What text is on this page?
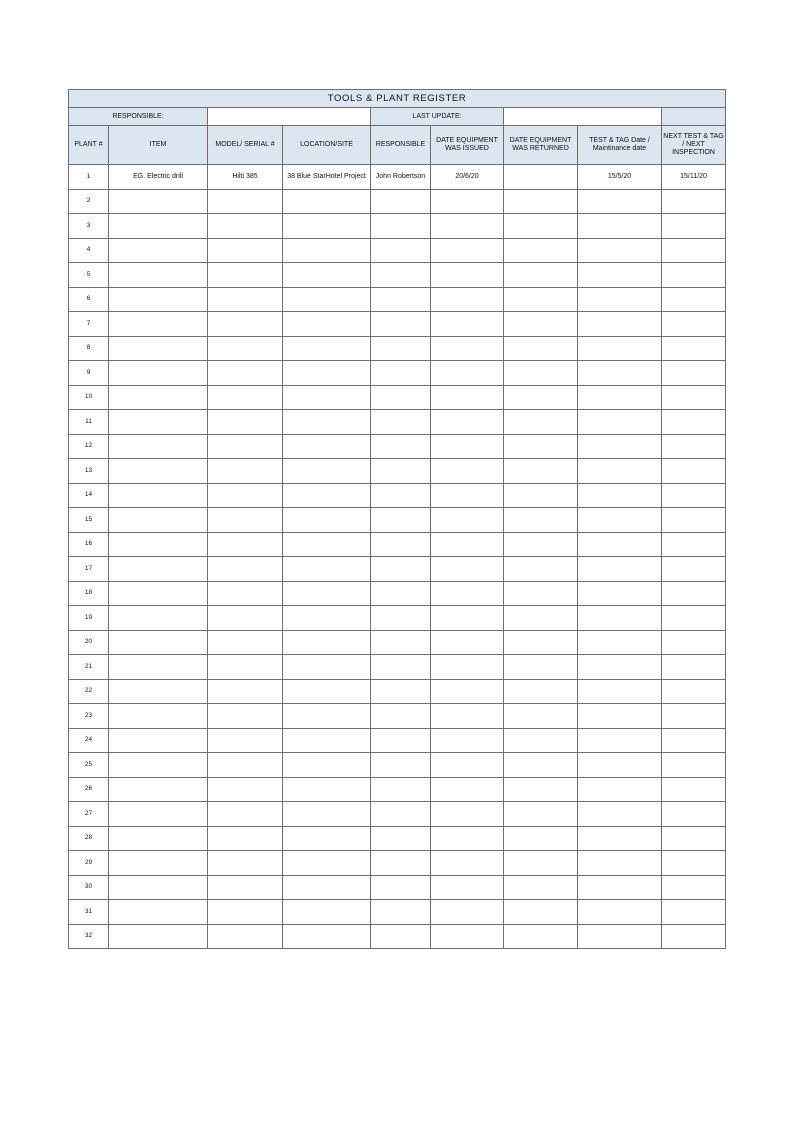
TOOLS & PLANT REGISTER								
RESPONSIBLE:				LAST UPDATE:				
PLANT #	ITEM	MODEL/ SERIAL #	LOCATION/SITE	RESPONSIBLE	DATE EQUIPMENT WAS ISSUED	DATE EQUIPMENT WAS RETURNED	TEST & TAG Date / Maintinance date	NEXT TEST & TAG / NEXT INSPECTION
1	EG. Electric drill	Hilti 385	38 Blue StarHotel Project	John Robertson	20/6/20		15/5/20	15/11/20
2								
3								
4								
5								
6								
7								
8								
9								
10								
11								
12								
13								
14								
15								
16								
17								
18								
19								
20								
21								
22								
23								
24								
25								
26								
27								
28								
29								
30								
31								
32								
